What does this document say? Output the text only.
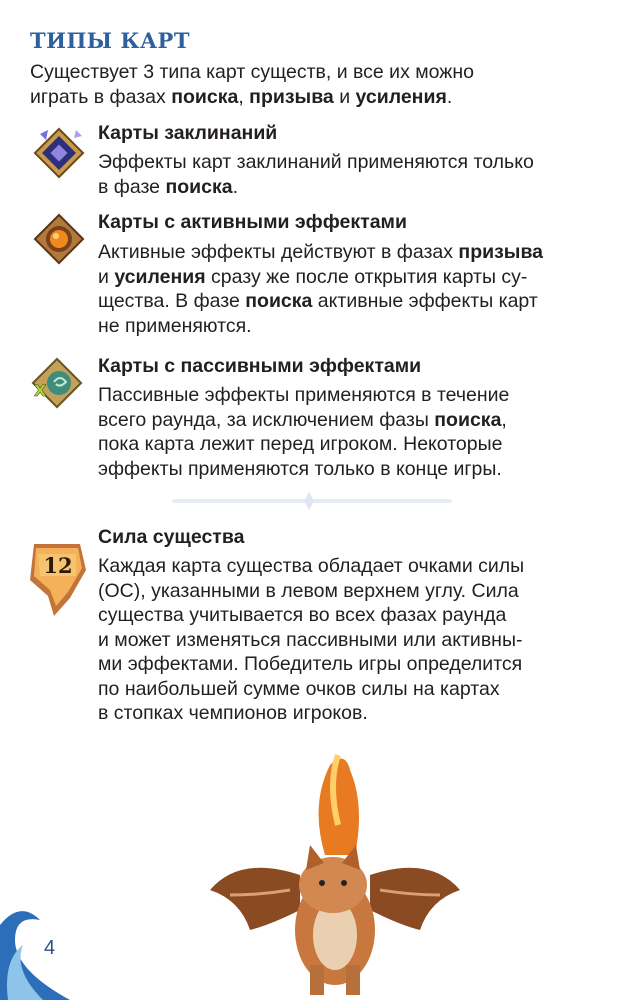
ТИПЫ КАРТ
Существует 3 типа карт существ, и все их можно
играть в фазах поиска, призыва и усиления.
Карты заклинаний
Эффекты карт заклинаний применяются только
в фазе поиска.
Карты с активными эффектами
Активные эффекты действуют в фазах призыва
и усиления сразу же после открытия карты су-
щества. В фазе поиска активные эффекты карт
не применяются.
X
Карты с пассивными эффектами
Пассивные эффекты применяются в течение
всего раунда, за исключением фазы поиска,
пока карта лежит перед игроком. Некоторые
эффекты применяются только в конце игры.
12
Сила существа
Каждая карта существа обладает очками силы
(ОС), указанными в левом верхнем углу. Сила
существа учитывается во всех фазах раунда
и может изменяться пассивными или активны-
ми эффектами. Победитель игры определится
по наибольшей сумме очков силы на картах
в стопках чемпионов игроков.
4
